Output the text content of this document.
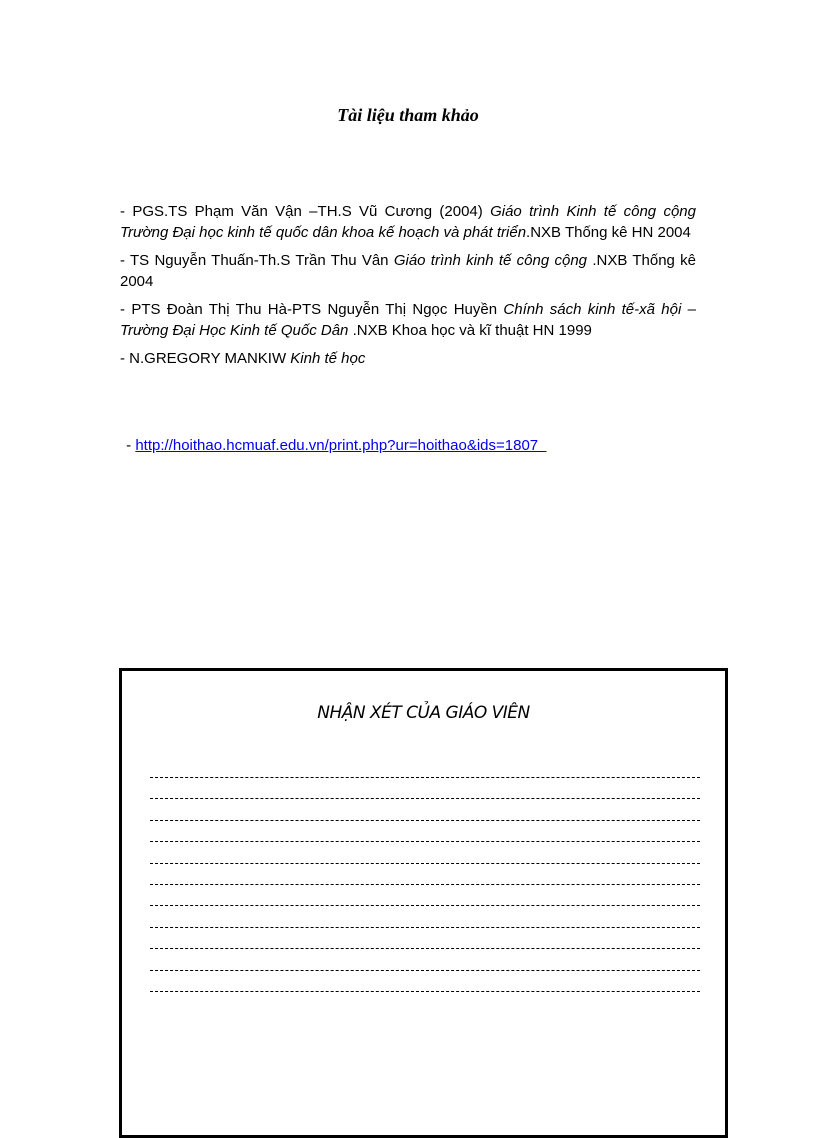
Tài liệu tham khảo

- PGS.TS Phạm Văn Vận –TH.S Vũ Cương (2004) Giáo trình Kinh tế công cộng Trường Đại học kinh tế quốc dân khoa kế hoạch và phát triển.NXB Thống kê HN 2004

- TS Nguyễn Thuấn-Th.S Trần Thu Vân Giáo trình kinh tế công cộng .NXB Thống kê 2004

- PTS Đoàn Thị Thu Hà-PTS Nguyễn Thị Ngọc Huyền Chính sách kinh tế-xã hội –Trường Đại Học Kinh tế Quốc Dân .NXB Khoa học và kĩ thuật HN 1999

- N.GREGORY MANKIW Kinh tế học

- http://hoithao.hcmuaf.edu.vn/print.php?ur=hoithao&ids=1807
NHẬN XÉT CỦA GIÁO VIÊN
